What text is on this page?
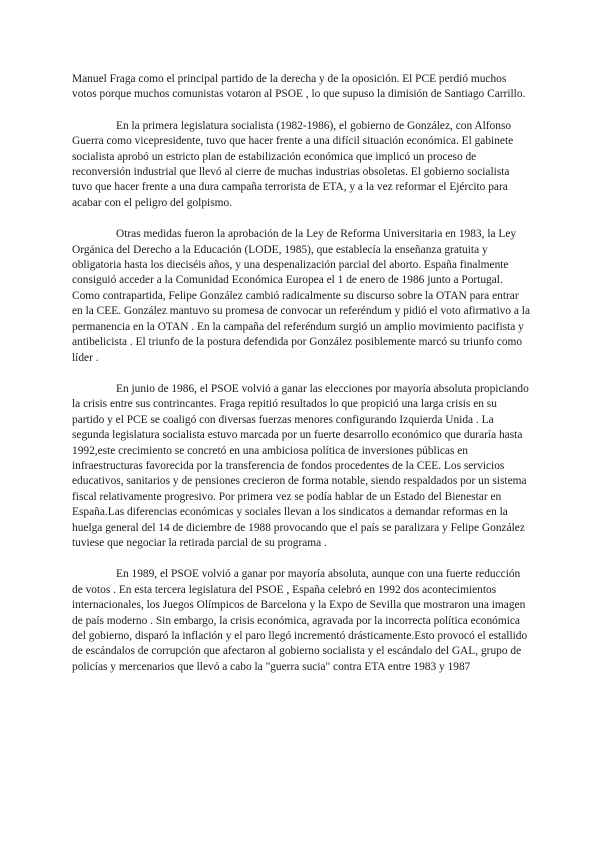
Manuel Fraga como el principal partido de la derecha y de la oposición. El PCE perdió muchos votos porque muchos comunistas votaron al PSOE , lo que supuso la dimisión de Santiago Carrillo.

En la primera legislatura socialista (1982-1986), el gobierno de González, con Alfonso Guerra como vicepresidente, tuvo que hacer frente a una difícil situación económica. El gabinete socialista aprobó un estricto plan de estabilización económica que implicó un proceso de reconversión industrial que llevó al cierre de muchas industrias obsoletas. El gobierno socialista tuvo que hacer frente a una dura campaña terrorista de ETA, y a la vez reformar el Ejército para acabar con el peligro del golpismo.

Otras medidas fueron la aprobación de la Ley de Reforma Universitaria en 1983, la Ley Orgánica del Derecho a la Educación (LODE, 1985), que establecía la enseñanza gratuita y obligatoria hasta los dieciséis años, y una despenalización parcial del aborto. España finalmente consiguió acceder a la Comunidad Económica Europea el 1 de enero de 1986 junto a Portugal. Como contrapartida, Felipe González cambió radicalmente su discurso sobre la OTAN para entrar en la CEE. González mantuvo su promesa de convocar un referéndum y pidió el voto afirmativo a la permanencia en la OTAN . En la campaña del referéndum surgió un amplio movimiento pacifista y antibelicista . El triunfo de la postura defendida por González posiblemente marcó su triunfo como líder .

En junio de 1986, el PSOE volvió a ganar las elecciones por mayoría absoluta propiciando la crisis entre sus contrincantes. Fraga repitió resultados lo que propició una larga crisis en su partido y el PCE se coaligó con diversas fuerzas menores configurando Izquierda Unida . La segunda legislatura socialista estuvo marcada por un fuerte desarrollo económico que duraría hasta 1992,este crecimiento se concretó en una ambiciosa política de inversiones públicas en infraestructuras favorecida por la transferencia de fondos procedentes de la CEE. Los servicios educativos, sanitarios y de pensiones crecieron de forma notable, siendo respaldados por un sistema fiscal relativamente progresivo. Por primera vez se podía hablar de un Estado del Bienestar en España.Las diferencias económicas y sociales llevan a los sindicatos a demandar reformas en la huelga general del 14 de diciembre de 1988 provocando que el país se paralizara y Felipe González tuviese que negociar la retirada parcial de su programa .

En 1989, el PSOE volvió a ganar por mayoría absoluta, aunque con una fuerte reducción de votos . En esta tercera legislatura del PSOE , España celebró en 1992 dos acontecimientos internacionales, los Juegos Olímpicos de Barcelona y la Expo de Sevilla que mostraron una imagen de país moderno . Sin embargo, la crisis económica, agravada por la incorrecta política económica del gobierno, disparó la inflación y el paro llegó incrementó drásticamente.Esto provocó el estallido de escándalos de corrupción que afectaron al gobierno socialista y el escándalo del GAL, grupo de policías y mercenarios que llevó a cabo la "guerra sucia" contra ETA entre 1983 y 1987
